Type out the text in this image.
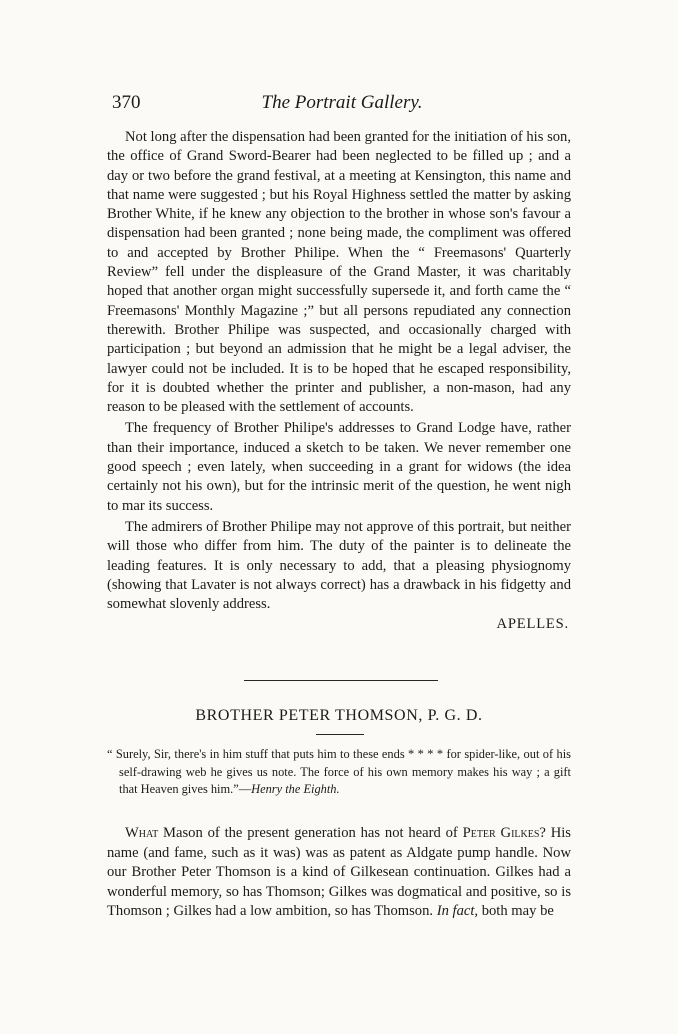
370	The Portrait Gallery.

Not long after the dispensation had been granted for the initiation of his son, the office of Grand Sword-Bearer had been neglected to be filled up ; and a day or two before the grand festival, at a meeting at Kensington, this name and that name were suggested ; but his Royal Highness settled the matter by asking Brother White, if he knew any objection to the brother in whose son's favour a dispensation had been granted ; none being made, the compliment was offered to and accepted by Brother Philipe. When the “ Freemasons' Quarterly Review” fell under the displeasure of the Grand Master, it was charitably hoped that another organ might successfully supersede it, and forth came the “ Freemasons' Monthly Magazine ;” but all persons repudiated any connection therewith. Brother Philipe was suspected, and occasionally charged with participation ; but beyond an admission that he might be a legal adviser, the lawyer could not be included. It is to be hoped that he escaped responsibility, for it is doubted whether the printer and publisher, a non-mason, had any reason to be pleased with the settlement of accounts.

The frequency of Brother Philipe's addresses to Grand Lodge have, rather than their importance, induced a sketch to be taken. We never remember one good speech ; even lately, when succeeding in a grant for widows (the idea certainly not his own), but for the intrinsic merit of the question, he went nigh to mar its success.

The admirers of Brother Philipe may not approve of this portrait, but neither will those who differ from him. The duty of the painter is to delineate the leading features. It is only necessary to add, that a pleasing physiognomy (showing that Lavater is not always correct) has a drawback in his fidgetty and somewhat slovenly address.

APELLES.
BROTHER PETER THOMSON, P. G. D.
“ Surely, Sir, there's in him stuff that puts him to these ends * * * * for spider-like, out of his self-drawing web he gives us note. The force of his own memory makes his way ; a gift that Heaven gives him.”—Henry the Eighth.

What Mason of the present generation has not heard of Peter Gilkes? His name (and fame, such as it was) was as patent as Aldgate pump handle. Now our Brother Peter Thomson is a kind of Gilkesean continuation. Gilkes had a wonderful memory, so has Thomson; Gilkes was dogmatical and positive, so is Thomson ; Gilkes had a low ambition, so has Thomson. In fact, both may be
